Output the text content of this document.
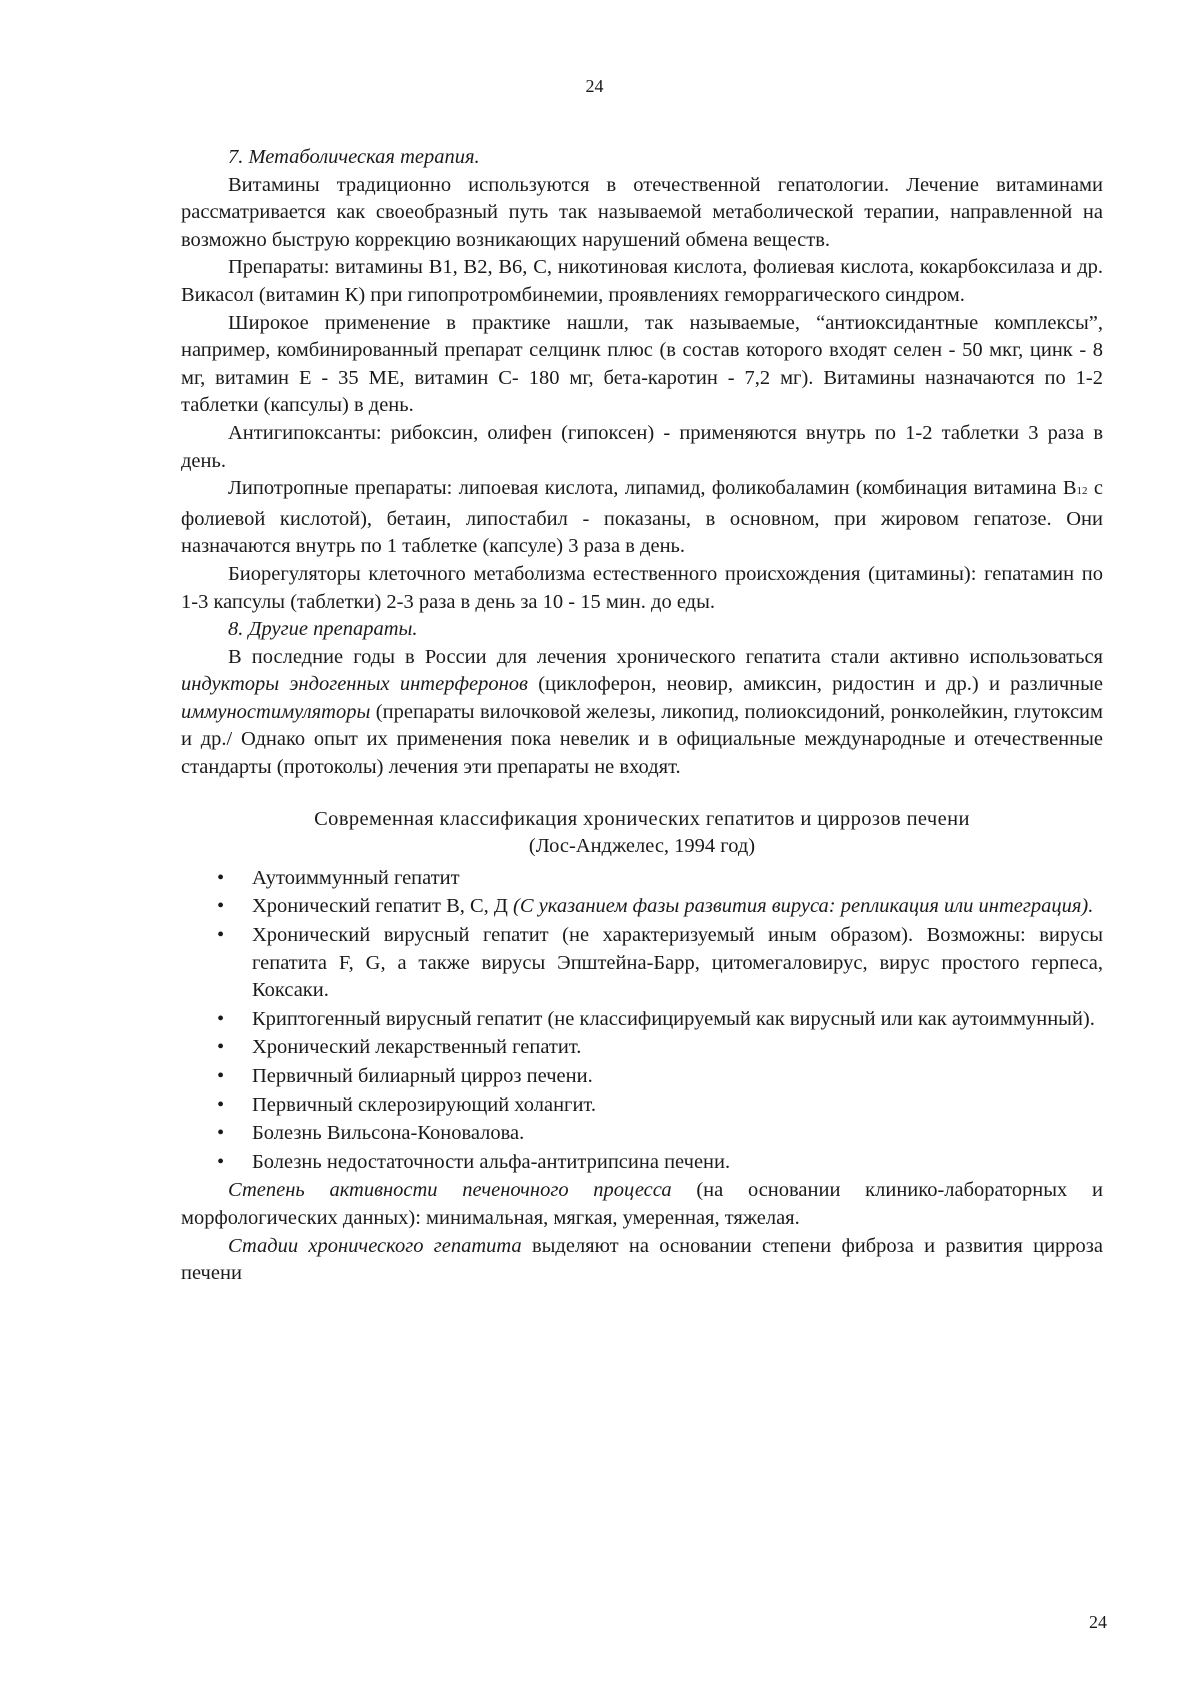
24

7. Метаболическая терапия.

Витамины традиционно используются в отечественной гепатологии. Лечение витаминами рассматривается как своеобразный путь так называемой метаболической терапии, направленной на возможно быструю коррекцию возникающих нарушений обмена веществ.

Препараты: витамины В1, В2, В6, С, никотиновая кислота, фолиевая кислота, кокарбоксилаза и др. Викасол (витамин К) при гипопротромбинемии, проявлениях геморрагического синдром.

Широкое применение в практике нашли, так называемые, “антиоксидантные комплексы”, например, комбинированный препарат селцинк плюс (в состав которого входят селен - 50 мкг, цинк - 8 мг, витамин Е - 35 МЕ, витамин С- 180 мг, бета-каротин - 7,2 мг). Витамины назначаются по 1-2 таблетки (капсулы) в день.

Антигипоксанты: рибоксин, олифен (гипоксен) - применяются внутрь по 1-2 таблетки 3 раза в день.

Липотропные препараты: липоевая кислота, липамид, фоликобаламин (комбинация витамина В12 с фолиевой кислотой), бетаин, липостабил - показаны, в основном, при жировом гепатозе. Они назначаются внутрь по 1 таблетке (капсуле) 3 раза в день.

Биорегуляторы клеточного метаболизма естественного происхождения (цитамины): гепатамин по 1-3 капсулы (таблетки) 2-3 раза в день за 10 - 15 мин. до еды.

8. Другие препараты.

В последние годы в России для лечения хронического гепатита стали активно использоваться индукторы эндогенных интерферонов (циклоферон, неовир, амиксин, ридостин и др.) и различные иммуностимуляторы (препараты вилочковой железы, ликопид, полиоксидоний, ронколейкин, глутоксим и др./ Однако опыт их применения пока невелик и в официальные международные и отечественные стандарты (протоколы) лечения эти препараты не входят.

Современная классификация хронических гепатитов и циррозов печени
(Лос-Анджелес, 1994 год)
• Аутоиммунный гепатит
• Хронический гепатит В, С, Д (С указанием фазы развития вируса: репликация или интеграция).
• Хронический вирусный гепатит (не характеризуемый иным образом). Возможны: вирусы гепатита F, G, а также вирусы Эпштейна-Барр, цитомегаловирус, вирус простого герпеса, Коксаки.
• Криптогенный вирусный гепатит (не классифицируемый как вирусный или как аутоиммунный).
• Хронический лекарственный гепатит.
• Первичный билиарный цирроз печени.
• Первичный склерозирующий холангит.
• Болезнь Вильсона-Коновалова.
• Болезнь недостаточности альфа-антитрипсина печени.

Степень активности печеночного процесса (на основании клинико-лабораторных и морфологических данных): минимальная, мягкая, умеренная, тяжелая.

Стадии хронического гепатита выделяют на основании степени фиброза и развития цирроза печени

24
